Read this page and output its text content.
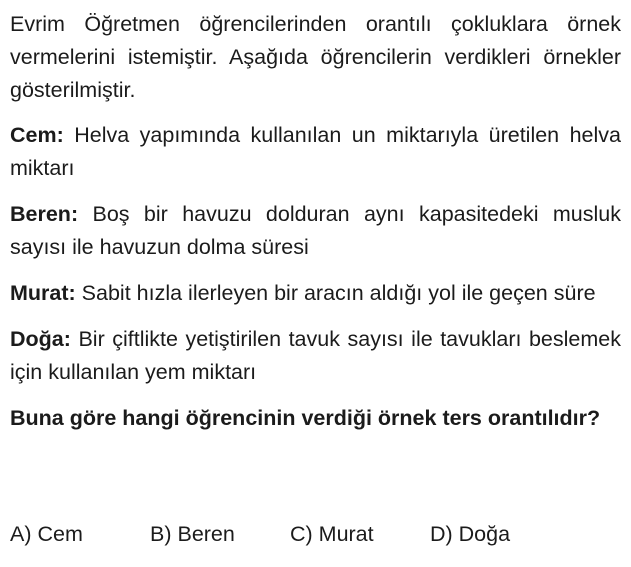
Evrim Öğretmen öğrencilerinden orantılı çokluklara örnek vermelerini istemiştir. Aşağıda öğrencilerin verdikleri örnekler gösterilmiştir.

Cem: Helva yapımında kullanılan un miktarıyla üretilen helva miktarı

Beren: Boş bir havuzu dolduran aynı kapasitedeki musluk sayısı ile havuzun dolma süresi

Murat: Sabit hızla ilerleyen bir aracın aldığı yol ile geçen süre

Doğa: Bir çiftlikte yetiştirilen tavuk sayısı ile tavukları beslemek için kullanılan yem miktarı

Buna göre hangi öğrencinin verdiği örnek ters orantılıdır?

A) Cem	B) Beren	C) Murat	D) Doğa
